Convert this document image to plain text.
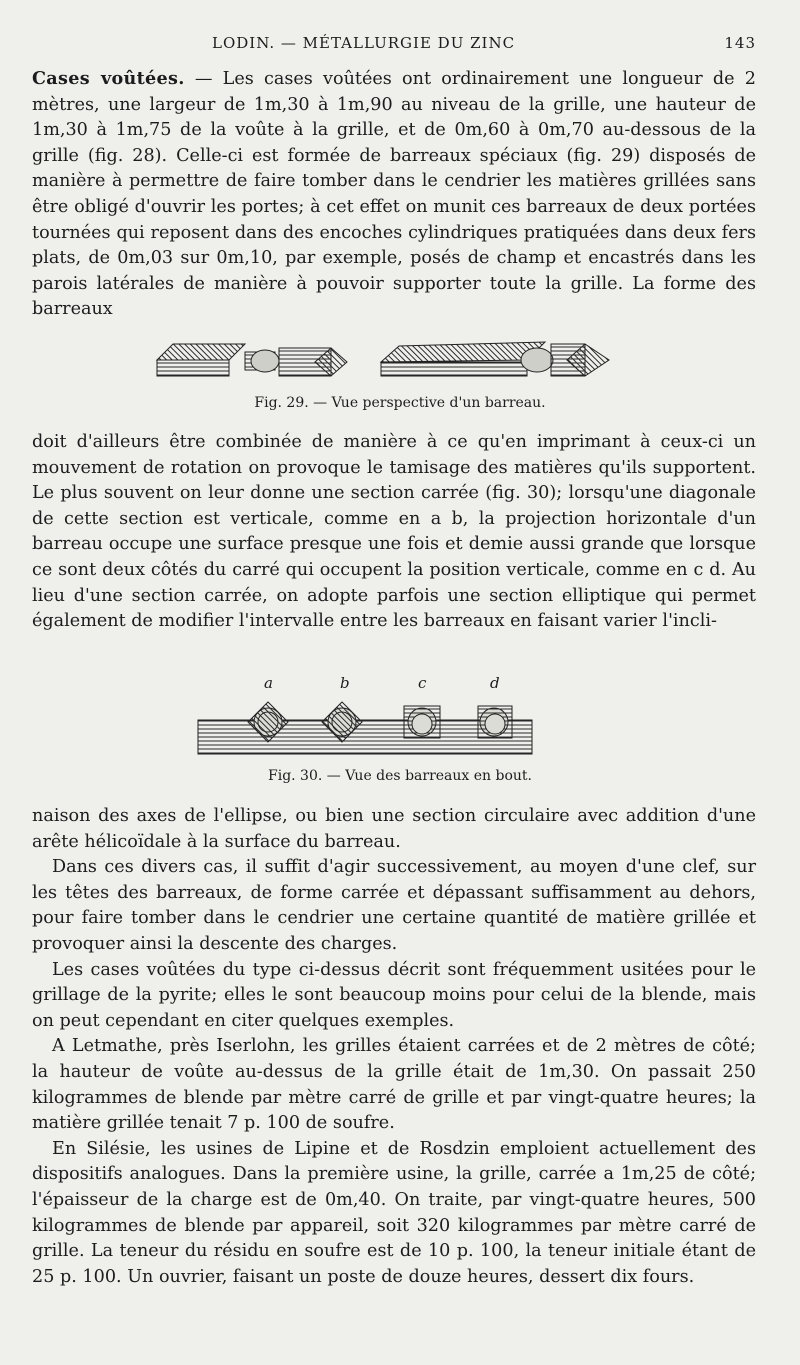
LODIN. — MÉTALLURGIE DU ZINC	143

Cases voûtées. — Les cases voûtées ont ordinairement une longueur de 2 mètres, une largeur de 1m,30 à 1m,90 au niveau de la grille, une hauteur de 1m,30 à 1m,75 de la voûte à la grille, et de 0m,60 à 0m,70 au-dessous de la grille (fig. 28). Celle-ci est formée de barreaux spéciaux (fig. 29) disposés de manière à permettre de faire tomber dans le cendrier les matières grillées sans être obligé d'ouvrir les portes; à cet effet on munit ces barreaux de deux portées tournées qui reposent dans des encoches cylindriques pratiquées dans deux fers plats, de 0m,03 sur 0m,10, par exemple, posés de champ et encastrés dans les parois latérales de manière à pouvoir supporter toute la grille. La forme des barreaux

Fig. 29. — Vue perspective d'un barreau.

doit d'ailleurs être combinée de manière à ce qu'en imprimant à ceux-ci un mouvement de rotation on provoque le tamisage des matières qu'ils supportent. Le plus souvent on leur donne une section carrée (fig. 30); lorsqu'une diagonale de cette section est verticale, comme en a b, la projection horizontale d'un barreau occupe une surface presque une fois et demie aussi grande que lorsque ce sont deux côtés du carré qui occupent la position verticale, comme en c d. Au lieu d'une section carrée, on adopte parfois une section elliptique qui permet également de modifier l'intervalle entre les barreaux en faisant varier l'incli-

a	b	c	d
Fig. 30. — Vue des barreaux en bout.

naison des axes de l'ellipse, ou bien une section circulaire avec addition d'une arête hélicoïdale à la surface du barreau.

Dans ces divers cas, il suffit d'agir successivement, au moyen d'une clef, sur les têtes des barreaux, de forme carrée et dépassant suffisamment au dehors, pour faire tomber dans le cendrier une certaine quantité de matière grillée et provoquer ainsi la descente des charges.

Les cases voûtées du type ci-dessus décrit sont fréquemment usitées pour le grillage de la pyrite; elles le sont beaucoup moins pour celui de la blende, mais on peut cependant en citer quelques exemples.

A Letmathe, près Iserlohn, les grilles étaient carrées et de 2 mètres de côté; la hauteur de voûte au-dessus de la grille était de 1m,30. On passait 250 kilogrammes de blende par mètre carré de grille et par vingt-quatre heures; la matière grillée tenait 7 p. 100 de soufre.

En Silésie, les usines de Lipine et de Rosdzin emploient actuellement des dispositifs analogues. Dans la première usine, la grille, carrée a 1m,25 de côté; l'épaisseur de la charge est de 0m,40. On traite, par vingt-quatre heures, 500 kilogrammes de blende par appareil, soit 320 kilogrammes par mètre carré de grille. La teneur du résidu en soufre est de 10 p. 100, la teneur initiale étant de 25 p. 100. Un ouvrier, faisant un poste de douze heures, dessert dix fours.
